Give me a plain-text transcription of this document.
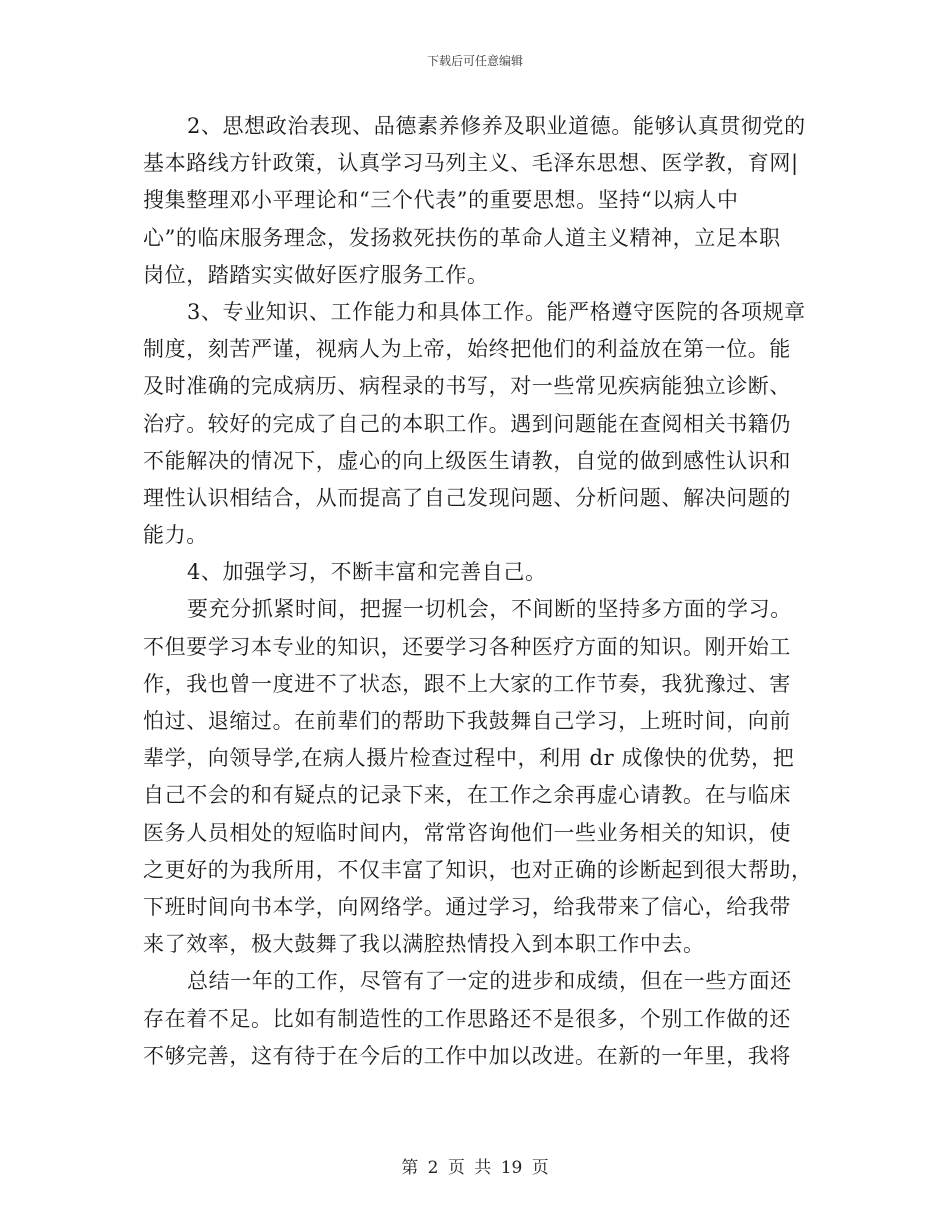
下载后可任意编辑
2、思想政治表现、品德素养修养及职业道德。能够认真贯彻党的
基本路线方针政策，认真学习马列主义、毛泽东思想、医学教，育网|
搜集整理邓小平理论和“三个代表”的重要思想。坚持“以病人中
心”的临床服务理念，发扬救死扶伤的革命人道主义精神，立足本职
岗位，踏踏实实做好医疗服务工作。
3、专业知识、工作能力和具体工作。能严格遵守医院的各项规章
制度，刻苦严谨，视病人为上帝，始终把他们的利益放在第一位。能
及时准确的完成病历、病程录的书写，对一些常见疾病能独立诊断、
治疗。较好的完成了自己的本职工作。遇到问题能在查阅相关书籍仍
不能解决的情况下，虚心的向上级医生请教，自觉的做到感性认识和
理性认识相结合，从而提高了自己发现问题、分析问题、解决问题的
能力。
4、加强学习，不断丰富和完善自己。
要充分抓紧时间，把握一切机会，不间断的坚持多方面的学习。
不但要学习本专业的知识，还要学习各种医疗方面的知识。刚开始工
作，我也曾一度进不了状态，跟不上大家的工作节奏，我犹豫过、害
怕过、退缩过。在前辈们的帮助下我鼓舞自己学习，上班时间，向前
辈学，向领导学,在病人摄片检查过程中，利用 dr 成像快的优势，把
自己不会的和有疑点的记录下来，在工作之余再虚心请教。在与临床
医务人员相处的短临时间内，常常咨询他们一些业务相关的知识，使
之更好的为我所用，不仅丰富了知识，也对正确的诊断起到很大帮助，
下班时间向书本学，向网络学。通过学习，给我带来了信心，给我带
来了效率，极大鼓舞了我以满腔热情投入到本职工作中去。
总结一年的工作，尽管有了一定的进步和成绩，但在一些方面还
存在着不足。比如有制造性的工作思路还不是很多，个别工作做的还
不够完善，这有待于在今后的工作中加以改进。在新的一年里，我将
第 2 页 共 19 页
